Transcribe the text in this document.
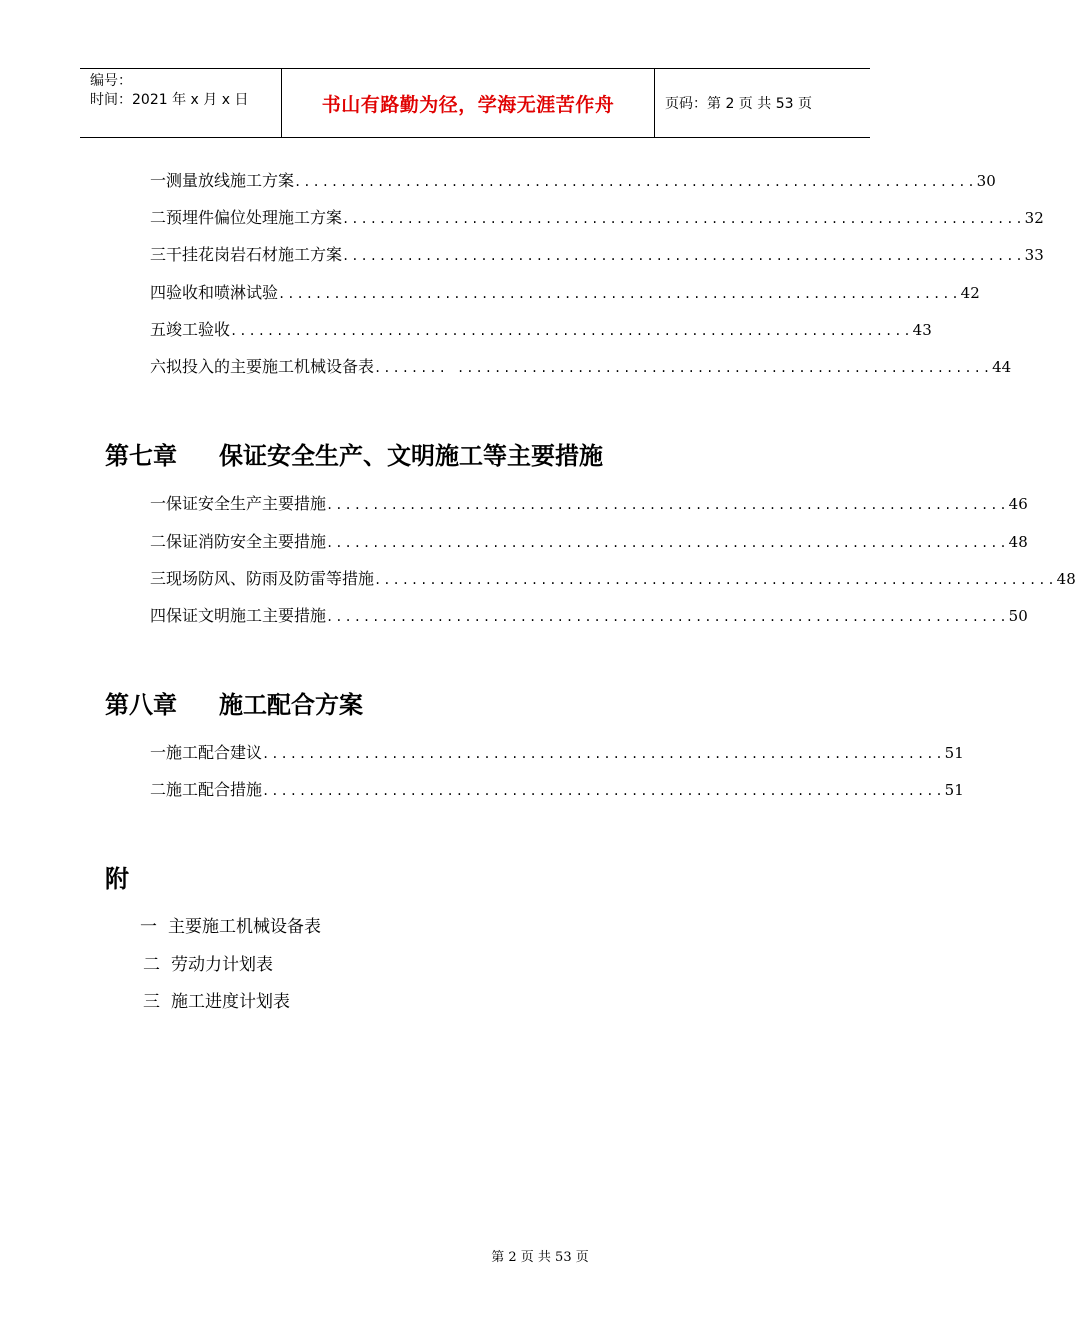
编号：
时间：2021 年 x 月 x 日	书山有路勤为径，学海无涯苦作舟	页码：第 2 页 共 53 页
一 测量放线施工方案 .......................................................................... 30
二 预埋件偏位处理施工方案 .......................................................................... 32
三 干挂花岗岩石材施工方案 .......................................................................... 33
四 验收和喷淋试验 .......................................................................... 42
五 竣工验收 .......................................................................... 43
六 拟投入的主要施工机械设备表 ........ .......................................................... 44
第七章 保证安全生产、文明施工等主要措施
一 保证安全生产主要措施 .......................................................................... 46
二 保证消防安全主要措施 .......................................................................... 48
三 现场防风、防雨及防雷等措施 .......................................................................... 48
四 保证文明施工主要措施 .......................................................................... 50
第八章 施工配合方案
一 施工配合建议 .......................................................................... 51
二 施工配合措施 .......................................................................... 51
附
一 主要施工机械设备表
二 劳动力计划表
三 施工进度计划表
第 2 页 共 53 页
